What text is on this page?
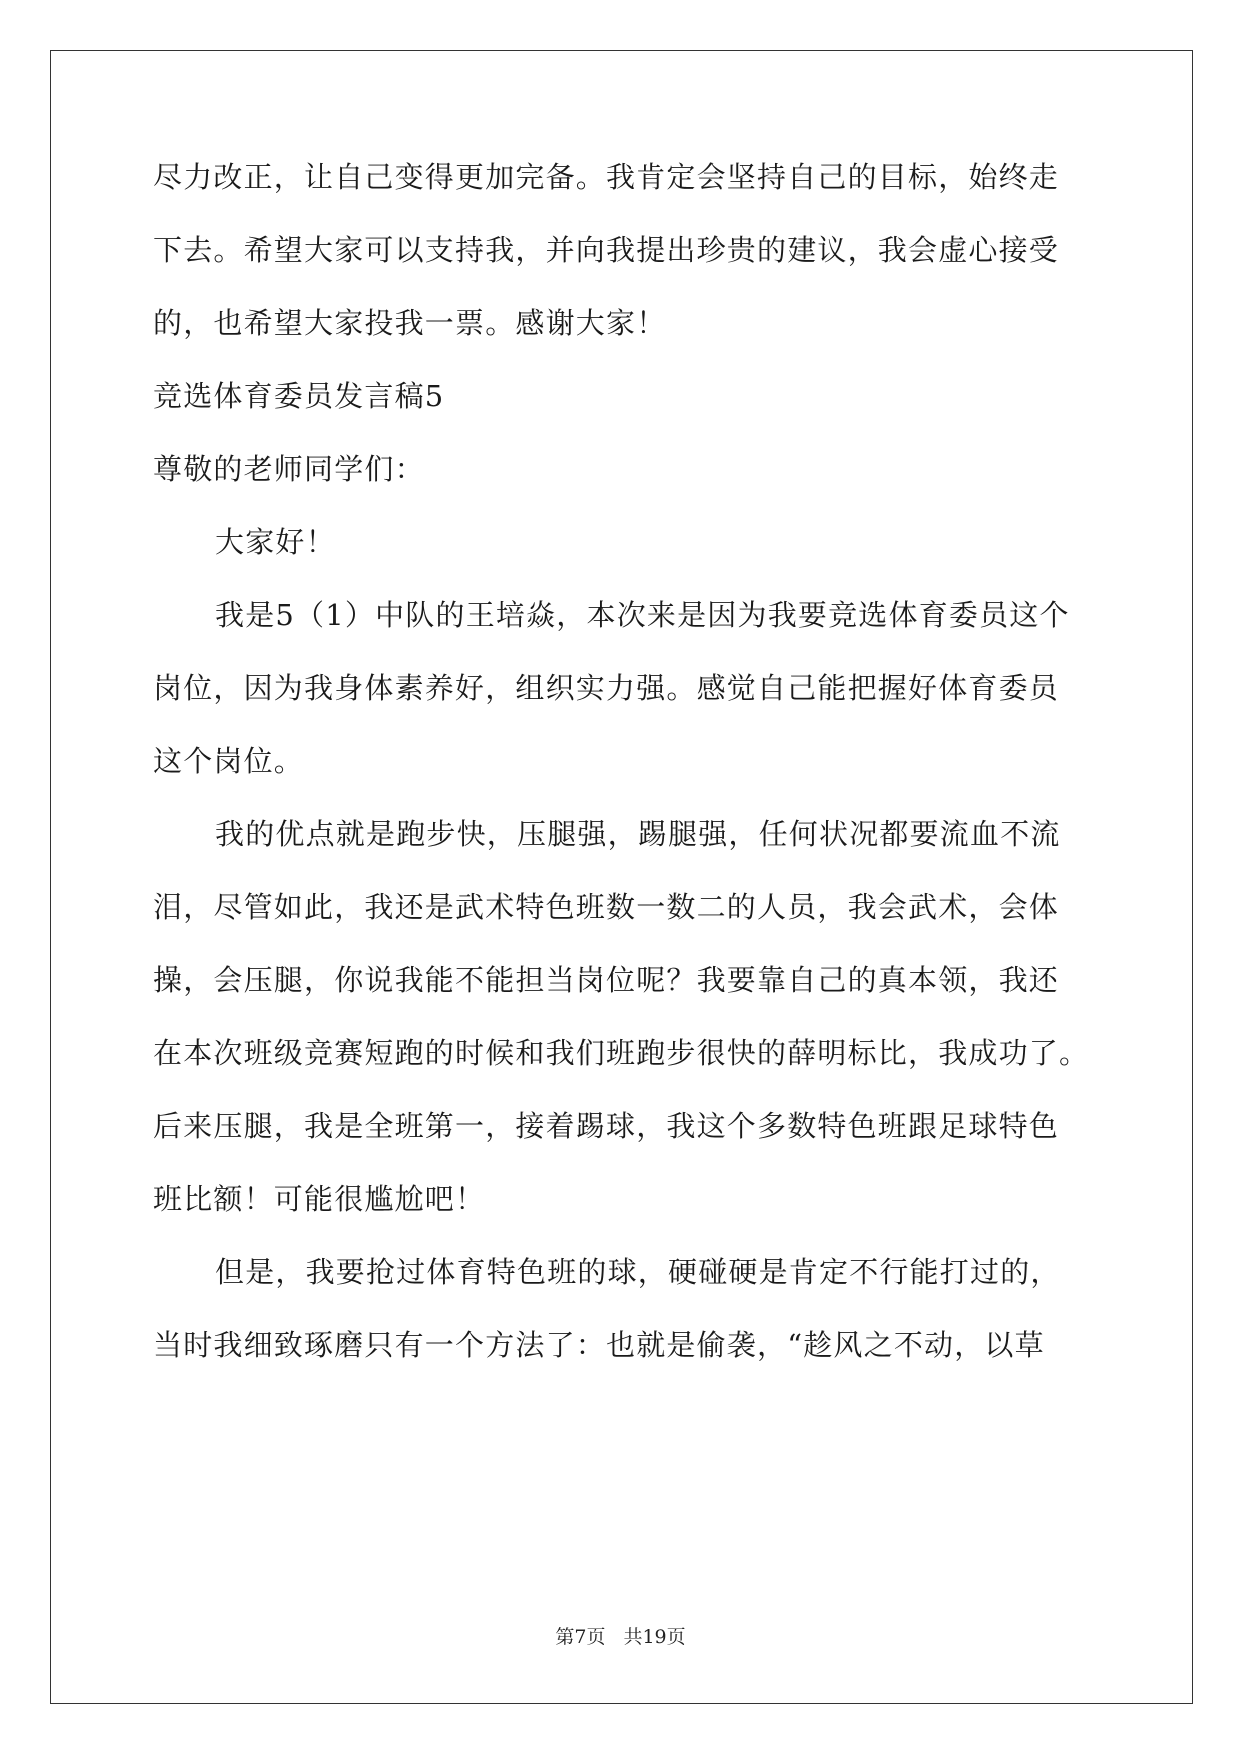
尽力改正，让自己变得更加完备。我肯定会坚持自己的目标，始终走
下去。希望大家可以支持我，并向我提出珍贵的建议，我会虚心接受
的，也希望大家投我一票。感谢大家！
竞选体育委员发言稿5
尊敬的老师同学们：
大家好！
我是5（1）中队的王培焱，本次来是因为我要竞选体育委员这个
岗位，因为我身体素养好，组织实力强。感觉自己能把握好体育委员
这个岗位。
我的优点就是跑步快，压腿强，踢腿强，任何状况都要流血不流
泪，尽管如此，我还是武术特色班数一数二的人员，我会武术，会体
操，会压腿，你说我能不能担当岗位呢？我要靠自己的真本领，我还
在本次班级竞赛短跑的时候和我们班跑步很快的薛明标比，我成功了。
后来压腿，我是全班第一，接着踢球，我这个多数特色班跟足球特色
班比额！可能很尴尬吧！
但是，我要抢过体育特色班的球，硬碰硬是肯定不行能打过的，
当时我细致琢磨只有一个方法了：也就是偷袭，“趁风之不动，以草
第7页 共19页
